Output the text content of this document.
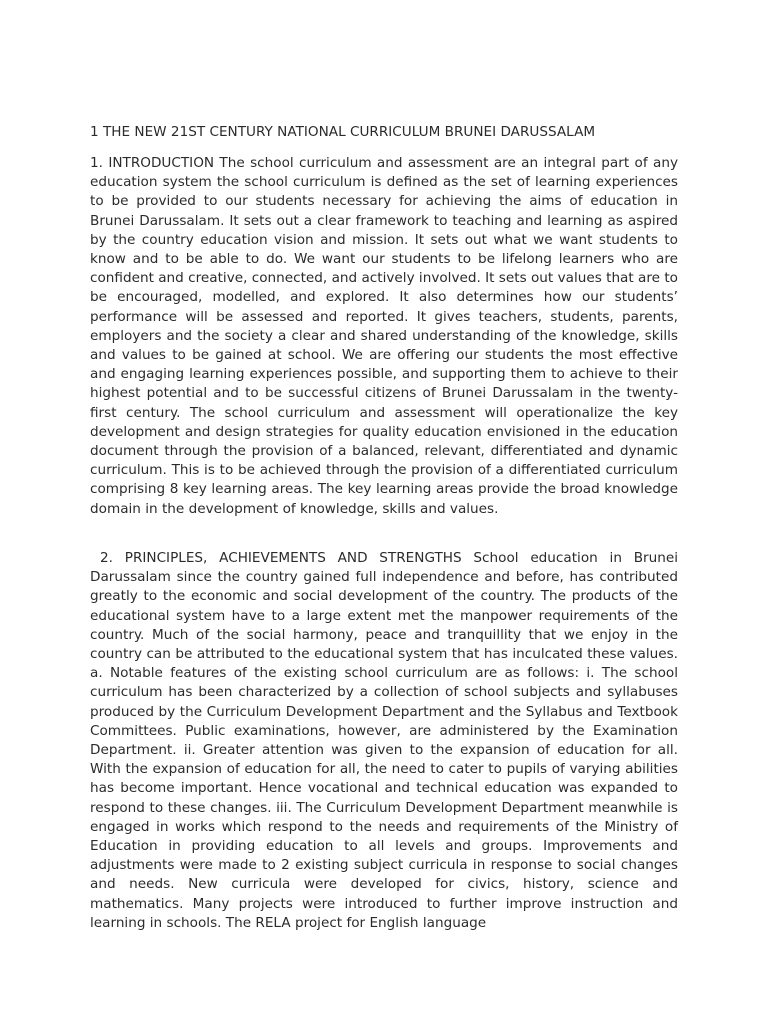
1 THE NEW 21ST CENTURY NATIONAL CURRICULUM BRUNEI DARUSSALAM

1. INTRODUCTION The school curriculum and assessment are an integral part of any education system the school curriculum is defined as the set of learning experiences to be provided to our students necessary for achieving the aims of education in Brunei Darussalam. It sets out a clear framework to teaching and learning as aspired by the country education vision and mission. It sets out what we want students to know and to be able to do. We want our students to be lifelong learners who are confident and creative, connected, and actively involved. It sets out values that are to be encouraged, modelled, and explored. It also determines how our students’ performance will be assessed and reported. It gives teachers, students, parents, employers and the society a clear and shared understanding of the knowledge, skills and values to be gained at school. We are offering our students the most effective and engaging learning experiences possible, and supporting them to achieve to their highest potential and to be successful citizens of Brunei Darussalam in the twenty-first century. The school curriculum and assessment will operationalize the key development and design strategies for quality education envisioned in the education document through the provision of a balanced, relevant, differentiated and dynamic curriculum. This is to be achieved through the provision of a differentiated curriculum comprising 8 key learning areas. The key learning areas provide the broad knowledge domain in the development of knowledge, skills and values.

2. PRINCIPLES, ACHIEVEMENTS AND STRENGTHS School education in Brunei Darussalam since the country gained full independence and before, has contributed greatly to the economic and social development of the country. The products of the educational system have to a large extent met the manpower requirements of the country. Much of the social harmony, peace and tranquillity that we enjoy in the country can be attributed to the educational system that has inculcated these values. a. Notable features of the existing school curriculum are as follows: i. The school curriculum has been characterized by a collection of school subjects and syllabuses produced by the Curriculum Development Department and the Syllabus and Textbook Committees. Public examinations, however, are administered by the Examination Department. ii. Greater attention was given to the expansion of education for all. With the expansion of education for all, the need to cater to pupils of varying abilities has become important. Hence vocational and technical education was expanded to respond to these changes. iii. The Curriculum Development Department meanwhile is engaged in works which respond to the needs and requirements of the Ministry of Education in providing education to all levels and groups. Improvements and adjustments were made to 2 existing subject curricula in response to social changes and needs. New curricula were developed for civics, history, science and mathematics. Many projects were introduced to further improve instruction and learning in schools. The RELA project for English language
